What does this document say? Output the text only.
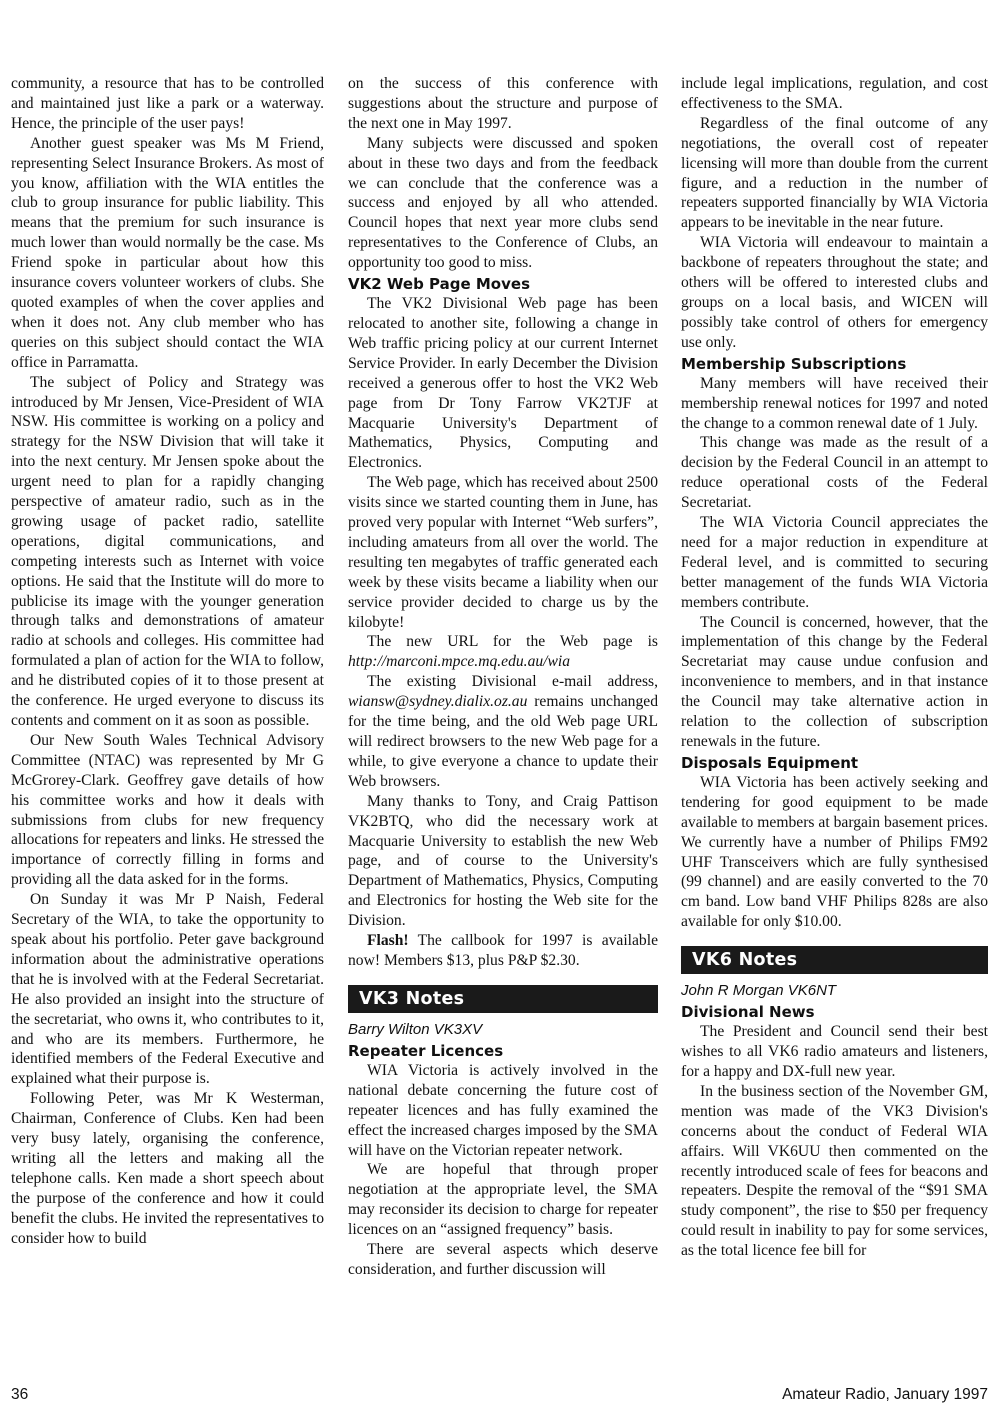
community, a resource that has to be controlled and maintained just like a park or a waterway. Hence, the principle of the user pays!

Another guest speaker was Ms M Friend, representing Select Insurance Brokers. As most of you know, affiliation with the WIA entitles the club to group insurance for public liability. This means that the premium for such insurance is much lower than would normally be the case. Ms Friend spoke in particular about how this insurance covers volunteer workers of clubs. She quoted examples of when the cover applies and when it does not. Any club member who has queries on this subject should contact the WIA office in Parramatta.

The subject of Policy and Strategy was introduced by Mr Jensen, Vice-President of WIA NSW. His committee is working on a policy and strategy for the NSW Division that will take it into the next century. Mr Jensen spoke about the urgent need to plan for a rapidly changing perspective of amateur radio, such as in the growing usage of packet radio, satellite operations, digital communications, and competing interests such as Internet with voice options. He said that the Institute will do more to publicise its image with the younger generation through talks and demonstrations of amateur radio at schools and colleges. His committee had formulated a plan of action for the WIA to follow, and he distributed copies of it to those present at the conference. He urged everyone to discuss its contents and comment on it as soon as possible.

Our New South Wales Technical Advisory Committee (NTAC) was represented by Mr G McGrorey-Clark. Geoffrey gave details of how his committee works and how it deals with submissions from clubs for new frequency allocations for repeaters and links. He stressed the importance of correctly filling in forms and providing all the data asked for in the forms.

On Sunday it was Mr P Naish, Federal Secretary of the WIA, to take the opportunity to speak about his portfolio. Peter gave background information about the administrative operations that he is involved with at the Federal Secretariat. He also provided an insight into the structure of the secretariat, who owns it, who contributes to it, and who are its members. Furthermore, he identified members of the Federal Executive and explained what their purpose is.

Following Peter, was Mr K Westerman, Chairman, Conference of Clubs. Ken had been very busy lately, organising the conference, writing all the letters and making all the telephone calls. Ken made a short speech about the purpose of the conference and how it could benefit the clubs. He invited the representatives to consider how to build

on the success of this conference with suggestions about the structure and purpose of the next one in May 1997.

Many subjects were discussed and spoken about in these two days and from the feedback we can conclude that the conference was a success and enjoyed by all who attended. Council hopes that next year more clubs send representatives to the Conference of Clubs, an opportunity too good to miss.

VK2 Web Page Moves

The VK2 Divisional Web page has been relocated to another site, following a change in Web traffic pricing policy at our current Internet Service Provider. In early December the Division received a generous offer to host the VK2 Web page from Dr Tony Farrow VK2TJF at Macquarie University's Department of Mathematics, Physics, Computing and Electronics.

The Web page, which has received about 2500 visits since we started counting them in June, has proved very popular with Internet “Web surfers”, including amateurs from all over the world. The resulting ten megabytes of traffic generated each week by these visits became a liability when our service provider decided to charge us by the kilobyte!

The new URL for the Web page is http://marconi.mpce.mq.edu.au/wia

The existing Divisional e-mail address, wiansw@sydney.dialix.oz.au remains unchanged for the time being, and the old Web page URL will redirect browsers to the new Web page for a while, to give everyone a chance to update their Web browsers.

Many thanks to Tony, and Craig Pattison VK2BTQ, who did the necessary work at Macquarie University to establish the new Web page, and of course to the University's Department of Mathematics, Physics, Computing and Electronics for hosting the Web site for the Division.

Flash! The callbook for 1997 is available now! Members $13, plus P&P $2.30.

VK3 Notes
Barry Wilton VK3XV
Repeater Licences

WIA Victoria is actively involved in the national debate concerning the future cost of repeater licences and has fully examined the effect the increased charges imposed by the SMA will have on the Victorian repeater network.

We are hopeful that through proper negotiation at the appropriate level, the SMA may reconsider its decision to charge for repeater licences on an “assigned frequency” basis.

There are several aspects which deserve consideration, and further discussion will

include legal implications, regulation, and cost effectiveness to the SMA.

Regardless of the final outcome of any negotiations, the overall cost of repeater licensing will more than double from the current figure, and a reduction in the number of repeaters supported financially by WIA Victoria appears to be inevitable in the near future.

WIA Victoria will endeavour to maintain a backbone of repeaters throughout the state; and others will be offered to interested clubs and groups on a local basis, and WICEN will possibly take control of others for emergency use only.

Membership Subscriptions

Many members will have received their membership renewal notices for 1997 and noted the change to a common renewal date of 1 July.

This change was made as the result of a decision by the Federal Council in an attempt to reduce operational costs of the Federal Secretariat.

The WIA Victoria Council appreciates the need for a major reduction in expenditure at Federal level, and is committed to securing better management of the funds WIA Victoria members contribute.

The Council is concerned, however, that the implementation of this change by the Federal Secretariat may cause undue confusion and inconvenience to members, and in that instance the Council may take alternative action in relation to the collection of subscription renewals in the future.

Disposals Equipment

WIA Victoria has been actively seeking and tendering for good equipment to be made available to members at bargain basement prices. We currently have a number of Philips FM92 UHF Transceivers which are fully synthesised (99 channel) and are easily converted to the 70 cm band. Low band VHF Philips 828s are also available for only $10.00.

VK6 Notes
John R Morgan VK6NT
Divisional News

The President and Council send their best wishes to all VK6 radio amateurs and listeners, for a happy and DX-full new year.

In the business section of the November GM, mention was made of the VK3 Division's concerns about the conduct of Federal WIA affairs. Will VK6UU then commented on the recently introduced scale of fees for beacons and repeaters. Despite the removal of the “$91 SMA study component”, the rise to $50 per frequency could result in inability to pay for some services, as the total licence fee bill for

36	Amateur Radio, January 1997
